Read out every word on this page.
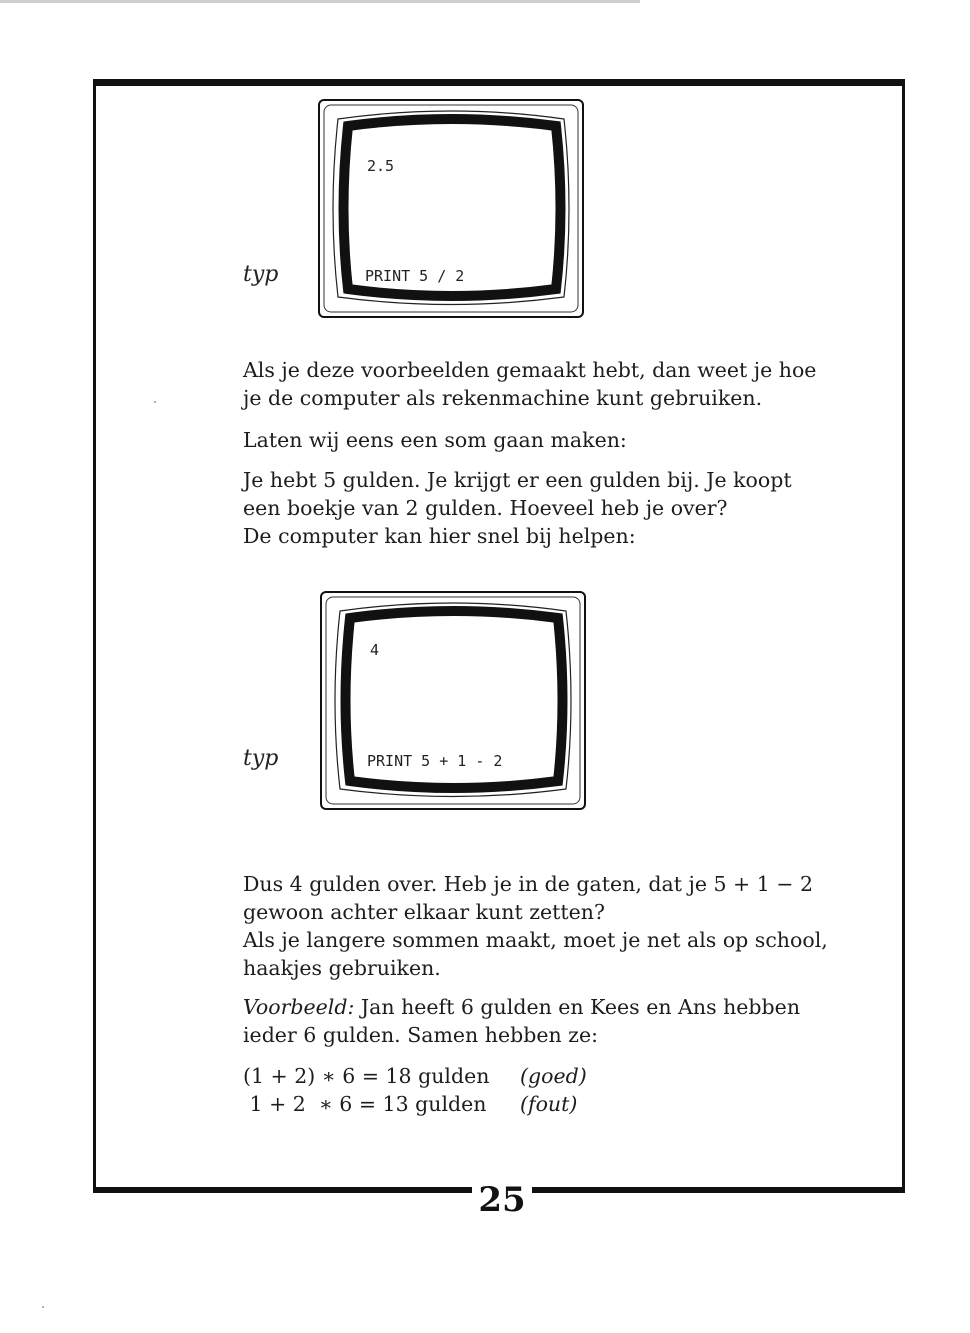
typ
2.5
PRINT 5 / 2

Als je deze voorbeelden gemaakt hebt, dan weet je hoe

je de computer als rekenmachine kunt gebruiken.

Laten wij eens een som gaan maken:

Je hebt 5 gulden. Je krijgt er een gulden bij. Je koopt

een boekje van 2 gulden. Hoeveel heb je over?

De computer kan hier snel bij helpen:

typ
4
PRINT 5 + 1 - 2

Dus 4 gulden over. Heb je in de gaten, dat je 5 + 1 − 2

gewoon achter elkaar kunt zetten?

Als je langere sommen maakt, moet je net als op school,

haakjes gebruiken.

Voorbeeld: Jan heeft 6 gulden en Kees en Ans hebben

ieder 6 gulden. Samen hebben ze:

(1 + 2) ∗ 6 = 18 gulden (goed)
1 + 2  ∗ 6 = 13 gulden (fout)
25
